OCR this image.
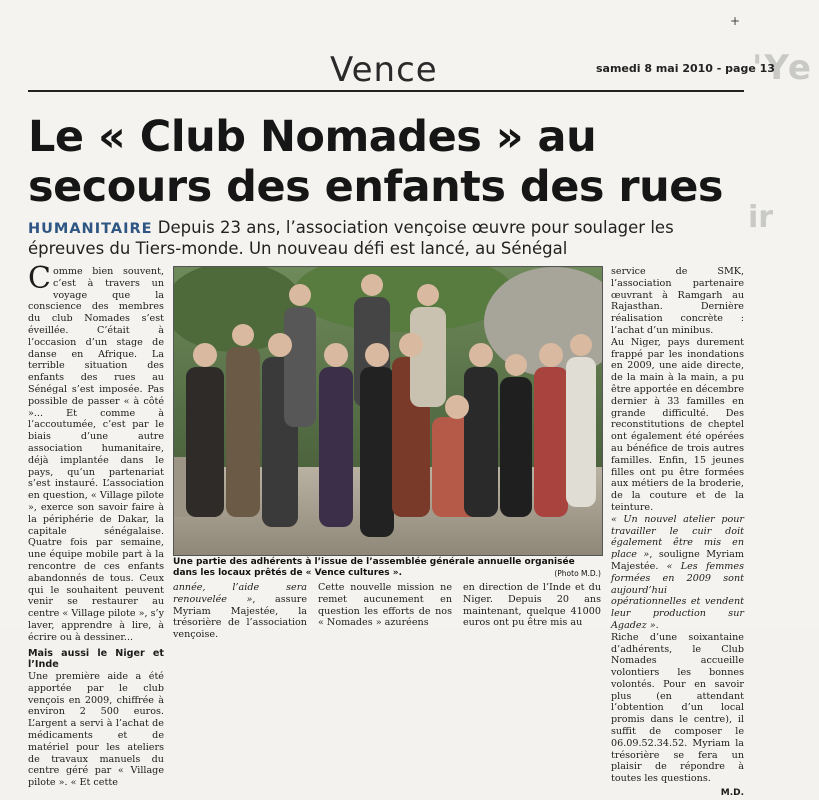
'Ye
ir
+
Vence	samedi 8 mai 2010 - page 13
Le « Club Nomades » au
secours des enfants des rues
HUMANITAIRE Depuis 23 ans, l’association vençoise œuvre pour soulager les épreuves du Tiers-monde. Un nouveau défi est lancé, au Sénégal

Comme bien souvent, c’est à travers un voyage que la conscience des membres du club Nomades s’est éveillée. C’était à l’occasion d’un stage de danse en Afrique. La terrible situation des enfants des rues au Sénégal s’est imposée. Pas possible de passer « à côté »... Et comme à l’accoutumée, c’est par le biais d’une autre association humanitaire, déjà implantée dans le pays, qu’un partenariat s’est instauré. L’association en question, « Village pilote », exerce son savoir faire à la périphérie de Dakar, la capitale sénégalaise. Quatre fois par semaine, une équipe mobile part à la rencontre de ces enfants abandonnés de tous. Ceux qui le souhaitent peuvent venir se restaurer au centre « Village pilote », s’y laver, apprendre à lire, à écrire ou à dessiner...

Mais aussi le Niger et l’Inde

Une première aide a été apportée par le club vençois en 2009, chiffrée à environ 2 500 euros. L’argent a servi à l’achat de médicaments et de matériel pour les ateliers de travaux manuels du centre géré par « Village pilote ». « Et cette

Une partie des adhérents à l’issue de l’assemblée générale annuelle organisée dans les locaux prêtés de « Vence cultures ».	(Photo M.D.)

service de SMK, l’association partenaire œuvrant à Ramgarh au Rajasthan. Dernière réalisation concrète : l’achat d’un minibus.

Au Niger, pays durement frappé par les inondations en 2009, une aide directe, de la main à la main, a pu être apportée en décembre dernier à 33 familles en grande difficulté. Des reconstitutions de cheptel ont également été opérées au bénéfice de trois autres familles. Enfin, 15 jeunes filles ont pu être formées aux métiers de la broderie, de la couture et de la teinture.

« Un nouvel atelier pour travailler le cuir doit également être mis en place », souligne Myriam Majestée. « Les femmes formées en 2009 sont aujourd’hui opérationnelles et vendent leur production sur Agadez ».

Riche d’une soixantaine d’adhérents, le Club Nomades accueille volontiers les bonnes volontés. Pour en savoir plus (en attendant l’obtention d’un local promis dans le centre), il suffit de composer le 06.09.52.34.52. Myriam la trésorière se fera un plaisir de répondre à toutes les questions.

M.D.

année, l’aide sera renouvelée », assure Myriam Majestée, la trésorière de l’association vençoise.

Cette nouvelle mission ne remet aucunement en question les efforts de nos « Nomades » azuréens

en direction de l’Inde et du Niger. Depuis 20 ans maintenant, quelque 41000 euros ont pu être mis au
